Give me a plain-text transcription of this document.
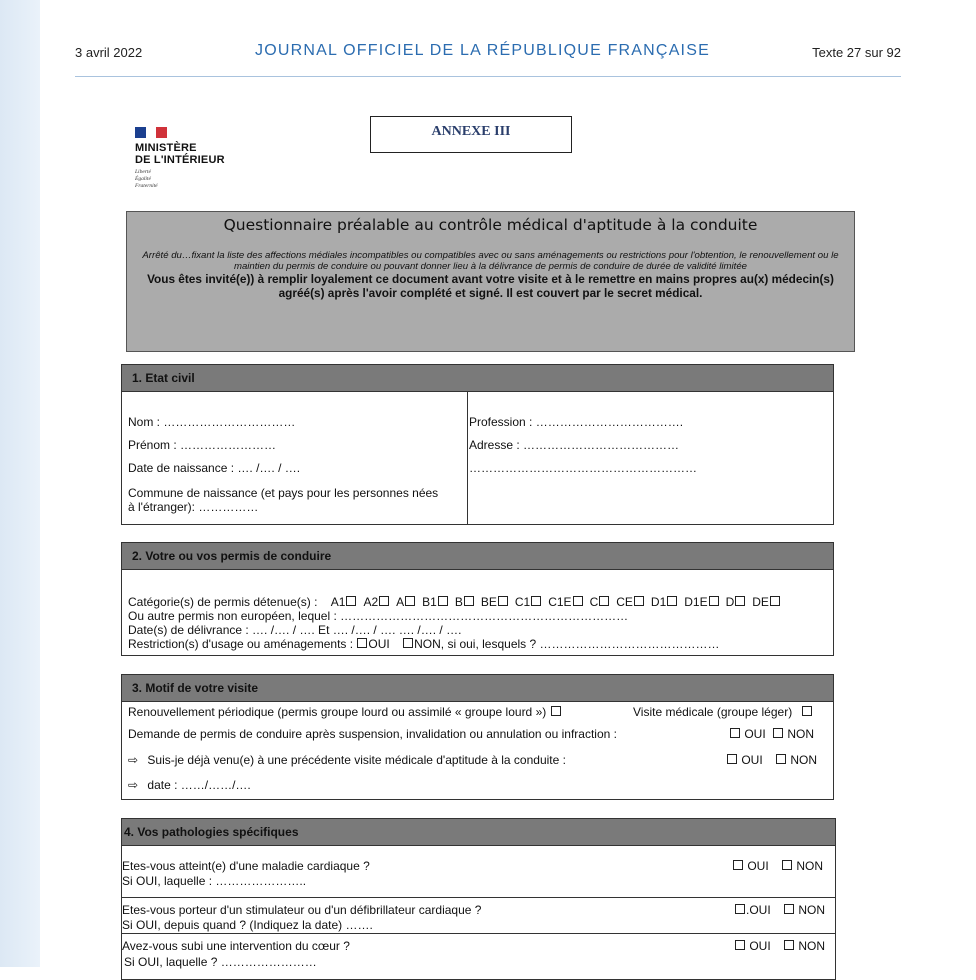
3 avril 2022	JOURNAL OFFICIEL DE LA RÉPUBLIQUE FRANÇAISE	Texte 27 sur 92
MINISTÈRE
DE L'INTÉRIEUR
Liberté
Égalité
Fraternité
ANNEXE III
Questionnaire préalable au contrôle médical d'aptitude à la conduite
Arrêté du…fixant la liste des affections médiales incompatibles ou compatibles avec ou sans aménagements ou restrictions pour l'obtention, le renouvellement ou le maintien du permis de conduire ou pouvant donner lieu à la délivrance de permis de conduire de durée de validité limitée
Vous êtes invité(e)) à remplir loyalement ce document avant votre visite et à le remettre en mains propres au(x) médecin(s) agréé(s) après l'avoir complété et signé. Il est couvert par le secret médical.
1. Etat civil
Nom : ……………………………
Prénom : ……………………
Date de naissance : …. /…. / ….
Commune de naissance (et pays pour les personnes nées
à l'étranger): ……………
Profession : ……………………………….
Adresse : …………………………………
…………………………………………………
2. Votre ou vos permis de conduire
Catégorie(s) de permis détenue(s) : A1 A2 A B1 B BE C1 C1E C CE D1 D1E D DE
Ou autre permis non européen, lequel : ………………………………………………………………
Date(s) de délivrance : …. /…. / …. Et …. /…. / …. …. /…. / ….
Restriction(s) d'usage ou aménagements : OUI NON, si oui, lesquels ? ………………………………………
3. Motif de votre visite
Renouvellement périodique (permis groupe lourd ou assimilé « groupe lourd »)	Visite médicale (groupe léger)
Demande de permis de conduire après suspension, invalidation ou annulation ou infraction :	OUI NON
⇨ Suis-je déjà venu(e) à une précédente visite médicale d'aptitude à la conduite :	OUI NON
⇨ date : ……/……/….
4. Vos pathologies spécifiques
Etes-vous atteint(e) d'une maladie cardiaque ?
Si OUI, laquelle : …………………..
OUI NON
Etes-vous porteur d'un stimulateur ou d'un défibrillateur cardiaque ?
Si OUI, depuis quand ? (Indiquez la date) …….
.OUI NON
Avez-vous subi une intervention du cœur ?
Si OUI, laquelle ? ……………………
OUI NON
